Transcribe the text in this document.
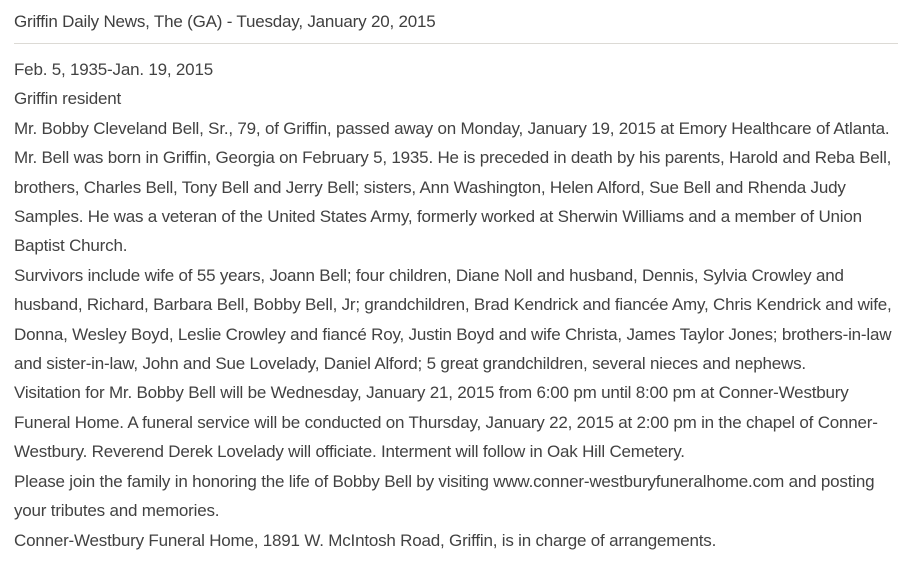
Griffin Daily News, The (GA) - Tuesday, January 20, 2015

Feb. 5, 1935-Jan. 19, 2015

Griffin resident

Mr. Bobby Cleveland Bell, Sr., 79, of Griffin, passed away on Monday, January 19, 2015 at Emory Healthcare of Atlanta. Mr. Bell was born in Griffin, Georgia on February 5, 1935. He is preceded in death by his parents, Harold and Reba Bell, brothers, Charles Bell, Tony Bell and Jerry Bell; sisters, Ann Washington, Helen Alford, Sue Bell and Rhenda Judy Samples. He was a veteran of the United States Army, formerly worked at Sherwin Williams and a member of Union Baptist Church.

Survivors include wife of 55 years, Joann Bell; four children, Diane Noll and husband, Dennis, Sylvia Crowley and husband, Richard, Barbara Bell, Bobby Bell, Jr; grandchildren, Brad Kendrick and fiancée Amy, Chris Kendrick and wife, Donna, Wesley Boyd, Leslie Crowley and fiancé Roy, Justin Boyd and wife Christa, James Taylor Jones; brothers-in-law and sister-in-law, John and Sue Lovelady, Daniel Alford; 5 great grandchildren, several nieces and nephews.

Visitation for Mr. Bobby Bell will be Wednesday, January 21, 2015 from 6:00 pm until 8:00 pm at Conner-Westbury Funeral Home. A funeral service will be conducted on Thursday, January 22, 2015 at 2:00 pm in the chapel of Conner-Westbury. Reverend Derek Lovelady will officiate. Interment will follow in Oak Hill Cemetery.

Please join the family in honoring the life of Bobby Bell by visiting www.conner-westburyfuneralhome.com and posting your tributes and memories.

Conner-Westbury Funeral Home, 1891 W. McIntosh Road, Griffin, is in charge of arrangements.
